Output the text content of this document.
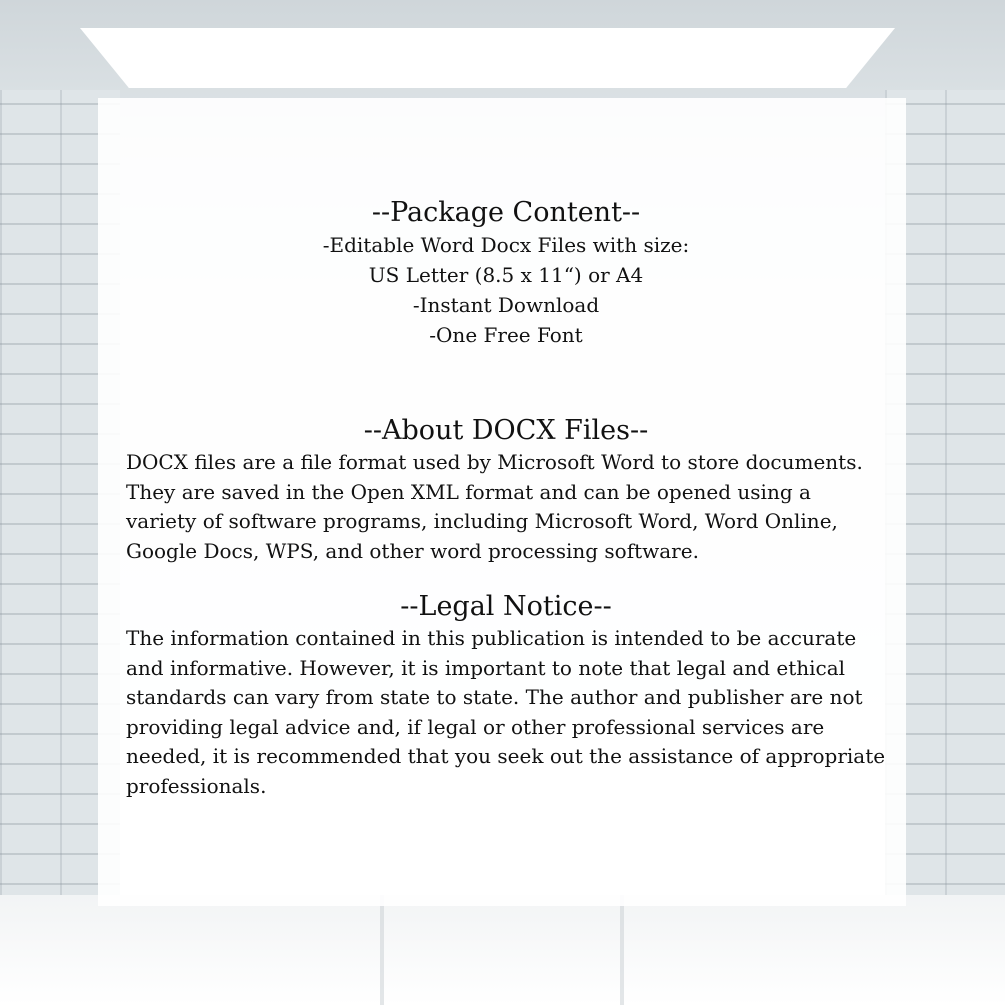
--Package Content--

-Editable Word Docx Files with size:

US Letter (8.5 x 11“) or A4

-Instant Download

-One Free Font

--About DOCX Files--

DOCX files are a file format used by Microsoft Word to store documents. They are saved in the Open XML format and can be opened using a variety of software programs, including Microsoft Word, Word Online, Google Docs, WPS, and other word processing software.

--Legal Notice--

The information contained in this publication is intended to be accurate and informative. However, it is important to note that legal and ethical standards can vary from state to state. The author and publisher are not providing legal advice and, if legal or other professional services are needed, it is recommended that you seek out the assistance of appropriate professionals.
